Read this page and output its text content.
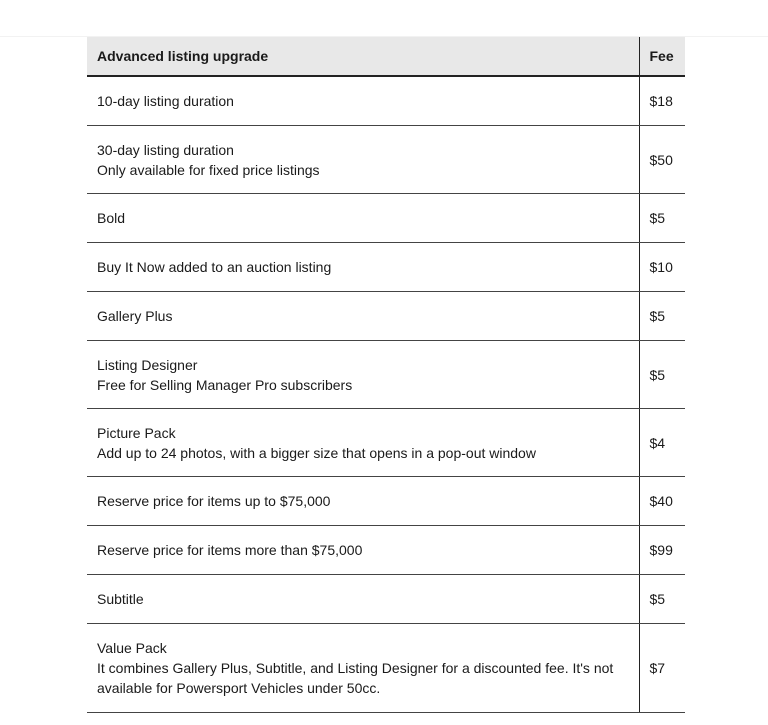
Advanced listing upgrade	Fee

10-day listing duration	$18

30-day listing duration
Only available for fixed price listings	$50

Bold	$5

Buy It Now added to an auction listing	$10

Gallery Plus	$5

Listing Designer
Free for Selling Manager Pro subscribers	$5

Picture Pack
Add up to 24 photos, with a bigger size that opens in a pop-out window	$4

Reserve price for items up to $75,000	$40

Reserve price for items more than $75,000	$99

Subtitle	$5

Value Pack
It combines Gallery Plus, Subtitle, and Listing Designer for a discounted fee. It's not available for Powersport Vehicles under 50cc.	$7
